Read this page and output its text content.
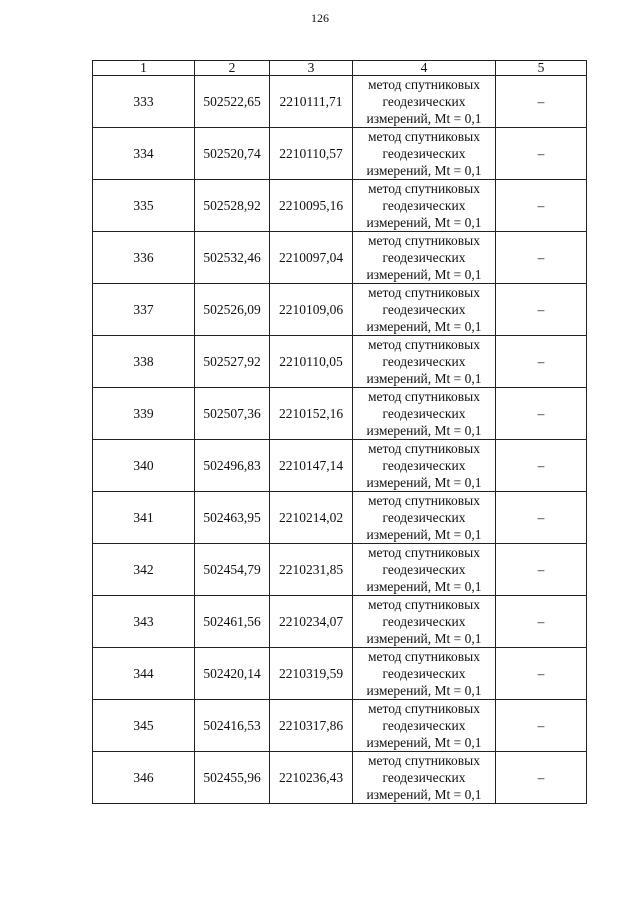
126
1	2	3	4	5
333	502522,65	2210111,71	метод спутниковых
геодезических
измерений, Mt = 0,1	–
334	502520,74	2210110,57	метод спутниковых
геодезических
измерений, Mt = 0,1	–
335	502528,92	2210095,16	метод спутниковых
геодезических
измерений, Mt = 0,1	–
336	502532,46	2210097,04	метод спутниковых
геодезических
измерений, Mt = 0,1	–
337	502526,09	2210109,06	метод спутниковых
геодезических
измерений, Mt = 0,1	–
338	502527,92	2210110,05	метод спутниковых
геодезических
измерений, Mt = 0,1	–
339	502507,36	2210152,16	метод спутниковых
геодезических
измерений, Mt = 0,1	–
340	502496,83	2210147,14	метод спутниковых
геодезических
измерений, Mt = 0,1	–
341	502463,95	2210214,02	метод спутниковых
геодезических
измерений, Mt = 0,1	–
342	502454,79	2210231,85	метод спутниковых
геодезических
измерений, Mt = 0,1	–
343	502461,56	2210234,07	метод спутниковых
геодезических
измерений, Mt = 0,1	–
344	502420,14	2210319,59	метод спутниковых
геодезических
измерений, Mt = 0,1	–
345	502416,53	2210317,86	метод спутниковых
геодезических
измерений, Mt = 0,1	–
346	502455,96	2210236,43	метод спутниковых
геодезических
измерений, Mt = 0,1	–
